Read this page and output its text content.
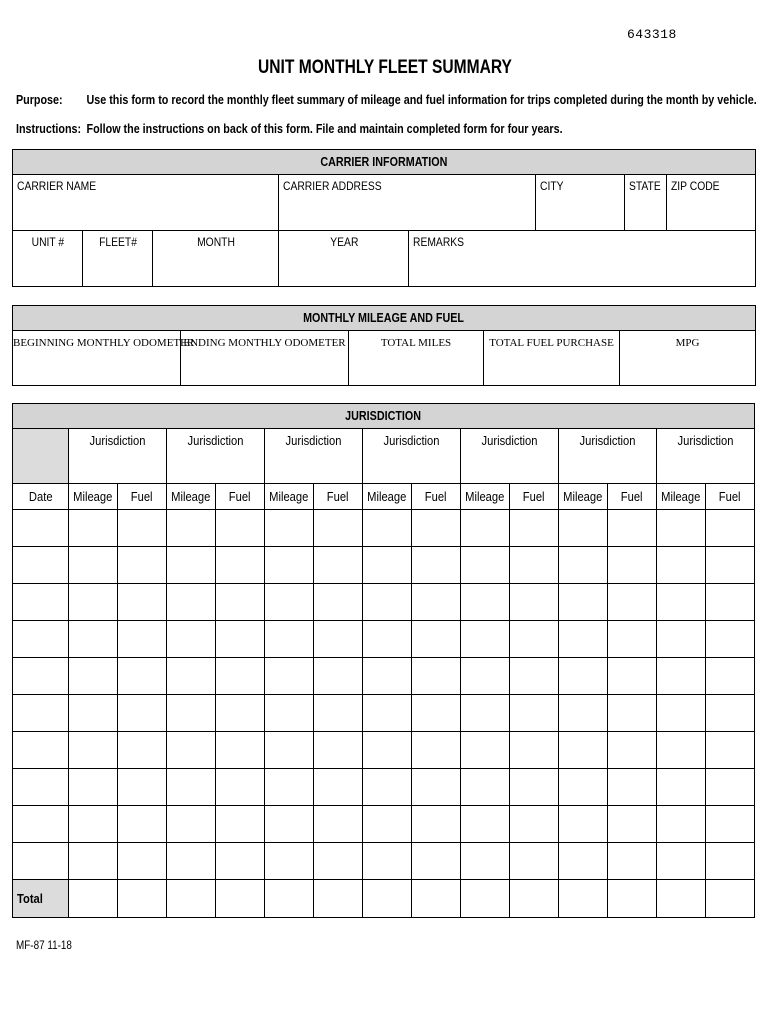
643318
UNIT MONTHLY FLEET SUMMARY
Purpose: Use this form to record the monthly fleet summary of mileage and fuel information for trips completed during the month by vehicle.
Instructions: Follow the instructions on back of this form. File and maintain completed form for four years.
CARRIER INFORMATION							
CARRIER NAME			CARRIER ADDRESS		CITY	STATE	ZIP CODE
UNIT #	FLEET#	MONTH	YEAR	REMARKS			
MONTHLY MILEAGE AND FUEL
BEGINNING MONTHLY ODOMETER	ENDING MONTHLY ODOMETER	TOTAL MILES	TOTAL FUEL PURCHASE	MPG
JURISDICTION														
	Jurisdiction		Jurisdiction		Jurisdiction		Jurisdiction		Jurisdiction		Jurisdiction		Jurisdiction	
Date	Mileage	Fuel	Mileage	Fuel	Mileage	Fuel	Mileage	Fuel	Mileage	Fuel	Mileage	Fuel	Mileage	Fuel

Total														
MF-87 11-18
